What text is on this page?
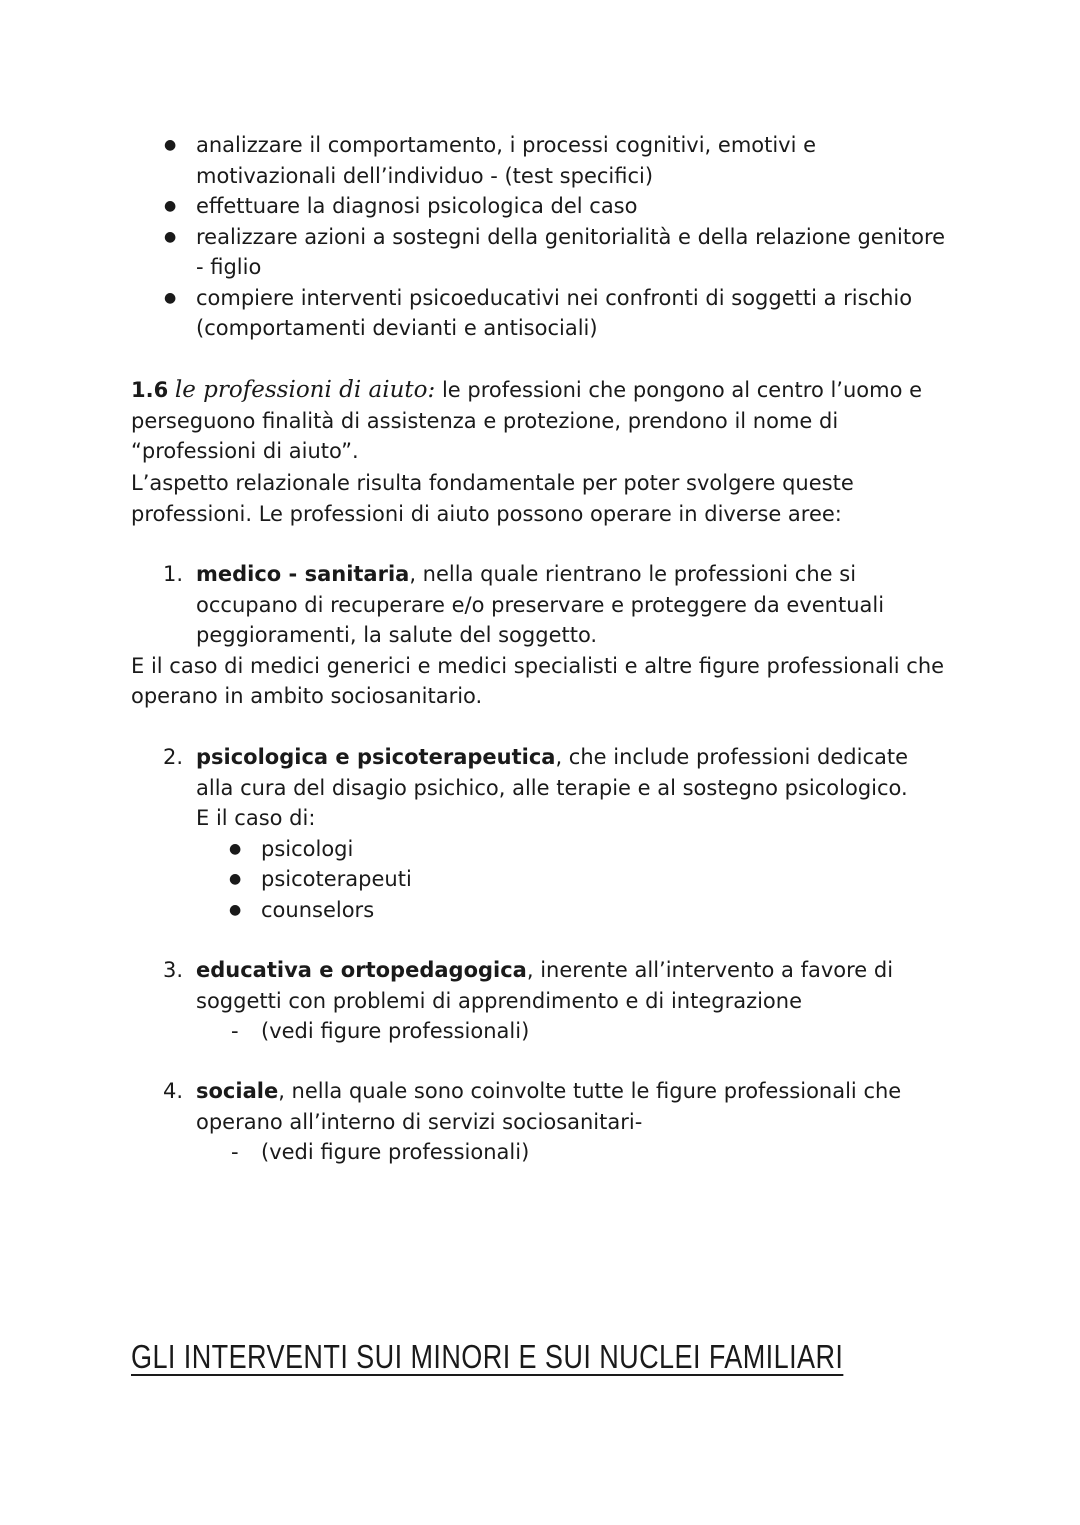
● analizzare il comportamento, i processi cognitivi, emotivi e motivazionali dell’individuo - (test specifici)
● effettuare la diagnosi psicologica del caso
● realizzare azioni a sostegni della genitorialità e della relazione genitore - figlio
● compiere interventi psicoeducativi nei confronti di soggetti a rischio (comportamenti devianti e antisociali)

1.6 le professioni di aiuto: le professioni che pongono al centro l’uomo e perseguono finalità di assistenza e protezione, prendono il nome di “professioni di aiuto”.

L’aspetto relazionale risulta fondamentale per poter svolgere queste professioni. Le professioni di aiuto possono operare in diverse aree:

1. medico - sanitaria, nella quale rientrano le professioni che si occupano di recuperare e/o preservare e proteggere da eventuali peggioramenti, la salute del soggetto.
E il caso di medici generici e medici specialisti e altre figure professionali che operano in ambito sociosanitario.
2. psicologica e psicoterapeutica, che include professioni dedicate alla cura del disagio psichico, alle terapie e al sostegno psicologico.
E il caso di:
● psicologi
● psicoterapeuti
● counselors
3. educativa e ortopedagogica, inerente all’intervento a favore di soggetti con problemi di apprendimento e di integrazione
- (vedi figure professionali)
4. sociale, nella quale sono coinvolte tutte le figure professionali che operano all’interno di servizi sociosanitari-
- (vedi figure professionali)
GLI INTERVENTI SUI MINORI E SUI NUCLEI FAMILIARI
